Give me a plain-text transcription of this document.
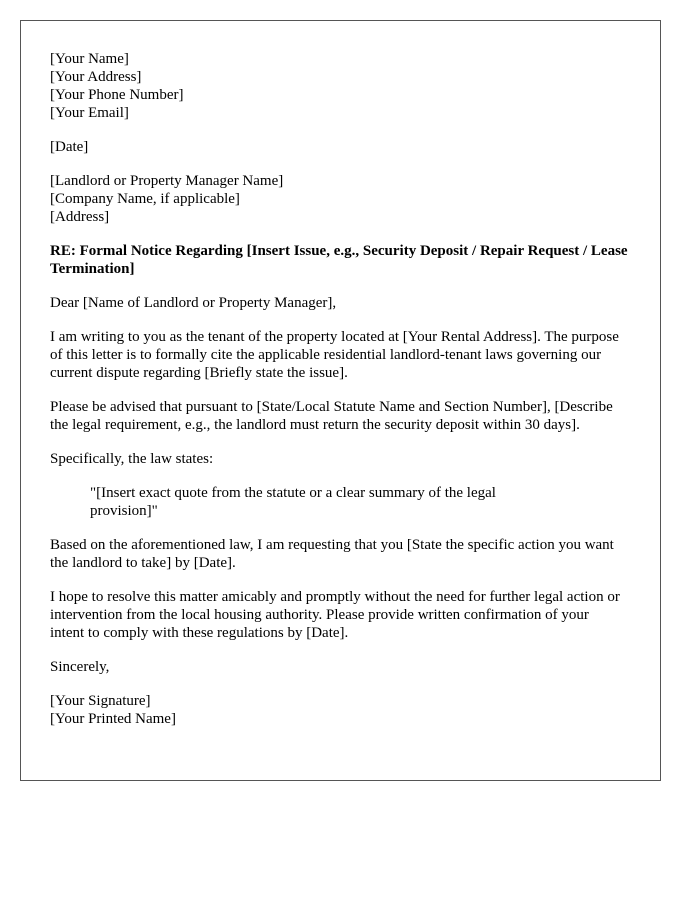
[Your Name]
[Your Address]
[Your Phone Number]
[Your Email]
[Date]
[Landlord or Property Manager Name]
[Company Name, if applicable]
[Address]
RE: Formal Notice Regarding [Insert Issue, e.g., Security Deposit / Repair Request / Lease Termination]
Dear [Name of Landlord or Property Manager],
I am writing to you as the tenant of the property located at [Your Rental Address]. The purpose of this letter is to formally cite the applicable residential landlord-tenant laws governing our current dispute regarding [Briefly state the issue].
Please be advised that pursuant to [State/Local Statute Name and Section Number], [Describe the legal requirement, e.g., the landlord must return the security deposit within 30 days].
Specifically, the law states:
"[Insert exact quote from the statute or a clear summary of the legal provision]"
Based on the aforementioned law, I am requesting that you [State the specific action you want the landlord to take] by [Date].
I hope to resolve this matter amicably and promptly without the need for further legal action or intervention from the local housing authority. Please provide written confirmation of your intent to comply with these regulations by [Date].
Sincerely,
[Your Signature]
[Your Printed Name]
